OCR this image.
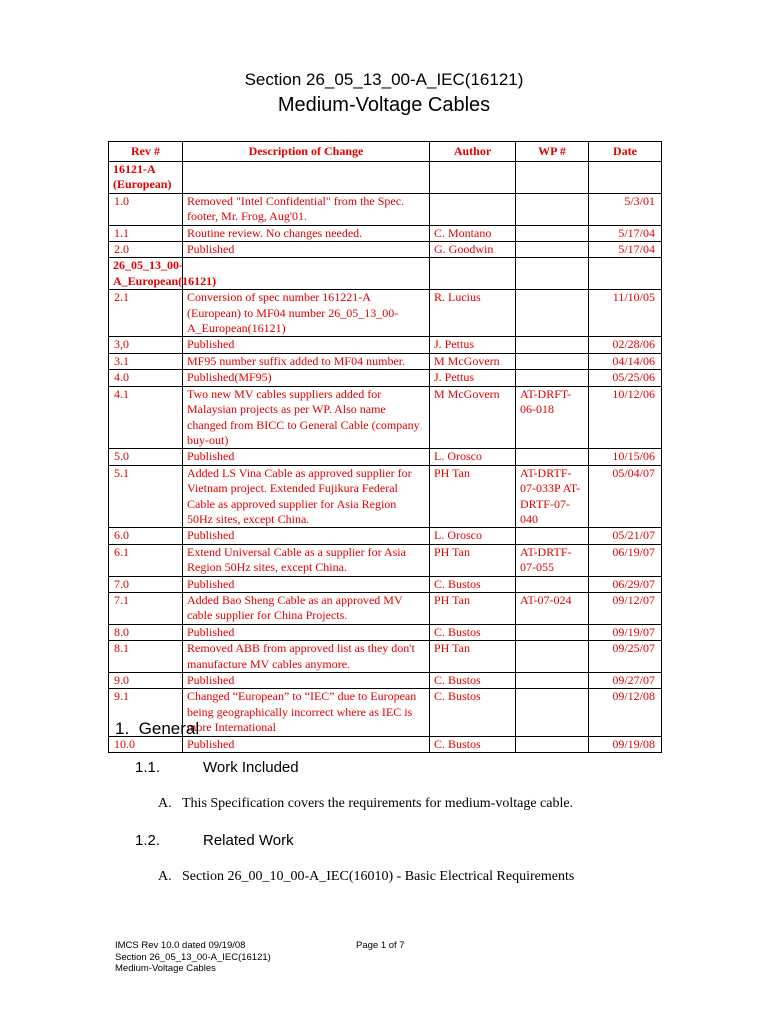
Section 26_05_13_00-A_IEC(16121)
Medium-Voltage Cables
Rev #	Description of Change	Author	WP #	Date
16121-A (European)				
1.0	Removed "Intel Confidential" from the Spec. footer, Mr. Frog, Aug'01.			5/3/01
1.1	Routine review. No changes needed.	C. Montano		5/17/04
2.0	Published	G. Goodwin		5/17/04
26_05_13_00-A_European(16121)				
2.1	Conversion of spec number 161221-A (European) to MF04 number 26_05_13_00-A_European(16121)	R. Lucius		11/10/05
3,0	Published	J. Pettus		02/28/06
3.1	MF95 number suffix added to MF04 number.	M McGovern		04/14/06
4.0	Published(MF95)	J. Pettus		05/25/06
4.1	Two new MV cables suppliers added for Malaysian projects as per WP. Also name changed from BICC to General Cable (company buy-out)	M McGovern	AT-DRFT-06-018	10/12/06
5.0	Published	L. Orosco		10/15/06
5.1	Added LS Vina Cable as approved supplier for Vietnam project. Extended Fujikura Federal Cable as approved supplier for Asia Region 50Hz sites, except China.	PH Tan	AT-DRTF-07-033P AT-DRTF-07-040	05/04/07
6.0	Published	L. Orosco		05/21/07
6.1	Extend Universal Cable as a supplier for Asia Region 50Hz sites, except China.	PH Tan	AT-DRTF-07-055	06/19/07
7.0	Published	C. Bustos		06/29/07
7.1	Added Bao Sheng Cable as an approved MV cable supplier for China Projects.	PH Tan	AT-07-024	09/12/07
8.0	Published	C. Bustos		09/19/07
8.1	Removed ABB from approved list as they don't manufacture MV cables anymore.	PH Tan		09/25/07
9.0	Published	C. Bustos		09/27/07
9.1	Changed “European” to “IEC” due to European being geographically incorrect where as IEC is more International	C. Bustos		09/12/08
10.0	Published	C. Bustos		09/19/08
1. General
1.1.	Work Included
A. This Specification covers the requirements for medium-voltage cable.
1.2.	Related Work
A. Section 26_00_10_00-A_IEC(16010) - Basic Electrical Requirements
IMCS Rev 10.0 dated 09/19/08
Section 26_05_13_00-A_IEC(16121)
Medium-Voltage Cables
Page 1 of 7
